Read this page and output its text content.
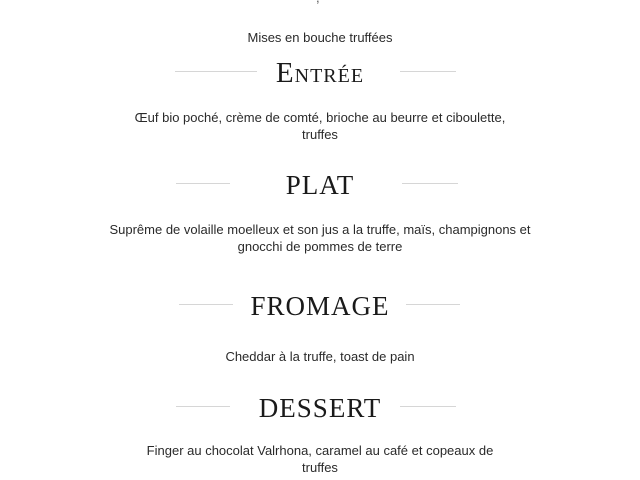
Mises en bouche truffées
Entrée
Œuf bio poché, crème de comté, brioche au beurre et ciboulette,
truffes
PLAT
Suprême de volaille moelleux et son jus a la truffe, maïs, champignons et
gnocchi de pommes de terre
FROMAGE
Cheddar à la truffe, toast de pain
DESSERT
Finger au chocolat Valrhona, caramel au café et copeaux de
truffes
